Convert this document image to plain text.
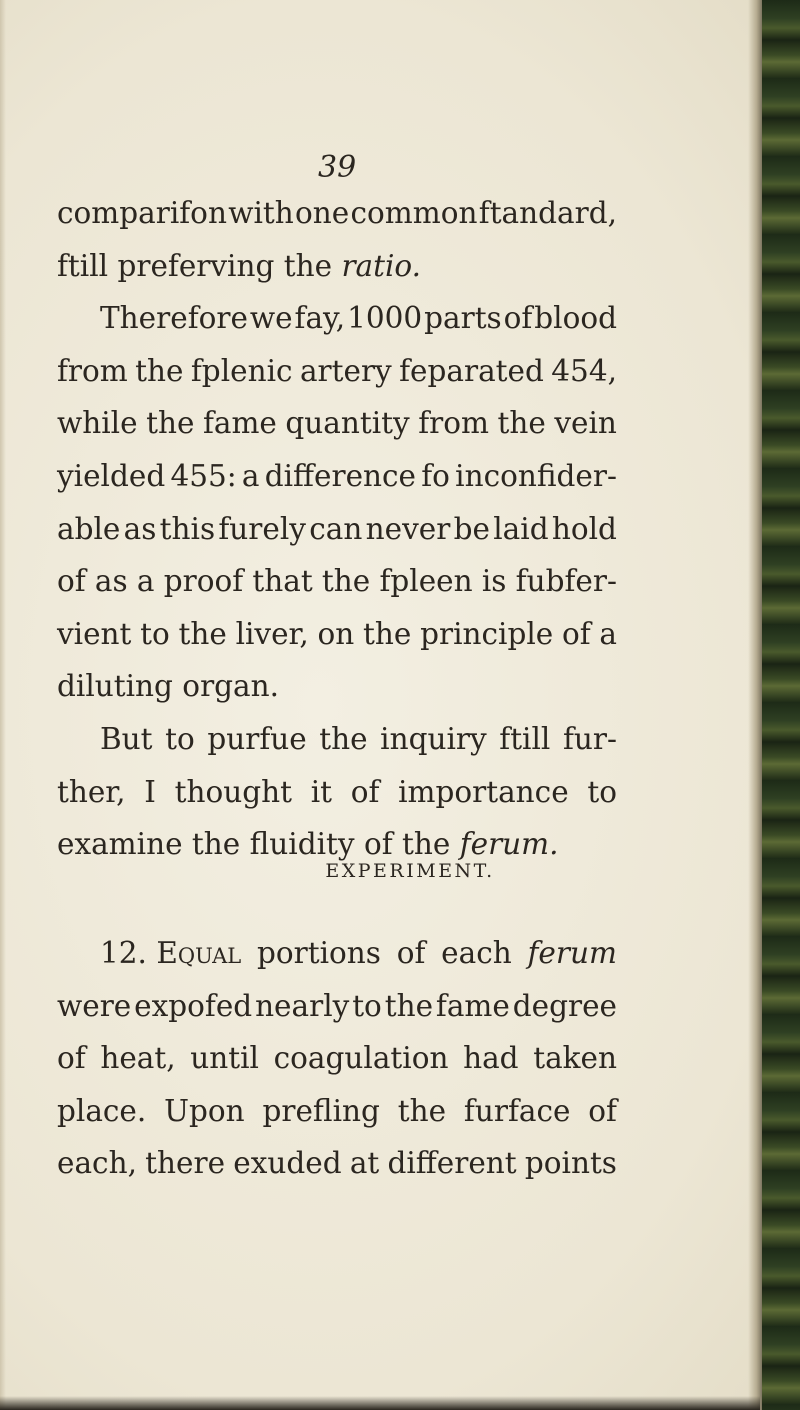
39
comparifon with one common ftandard,
ftill preferving the ratio.
Therefore we fay, 1000 parts of blood
from the fplenic artery feparated 454,
while the fame quantity from the vein
yielded 455: a difference fo inconfider-
able as this furely can never be laid hold
of as a proof that the fpleen is fubfer-
vient to the liver, on the principle of a
diluting organ.
But to purfue the inquiry ftill fur-
ther, I thought it of importance to
examine the fluidity of the ferum.
EXPERIMENT.
12. Equal portions of each ferum
were expofed nearly to the fame degree
of heat, until coagulation had taken
place. Upon prefling the furface of
each, there exuded at different points
